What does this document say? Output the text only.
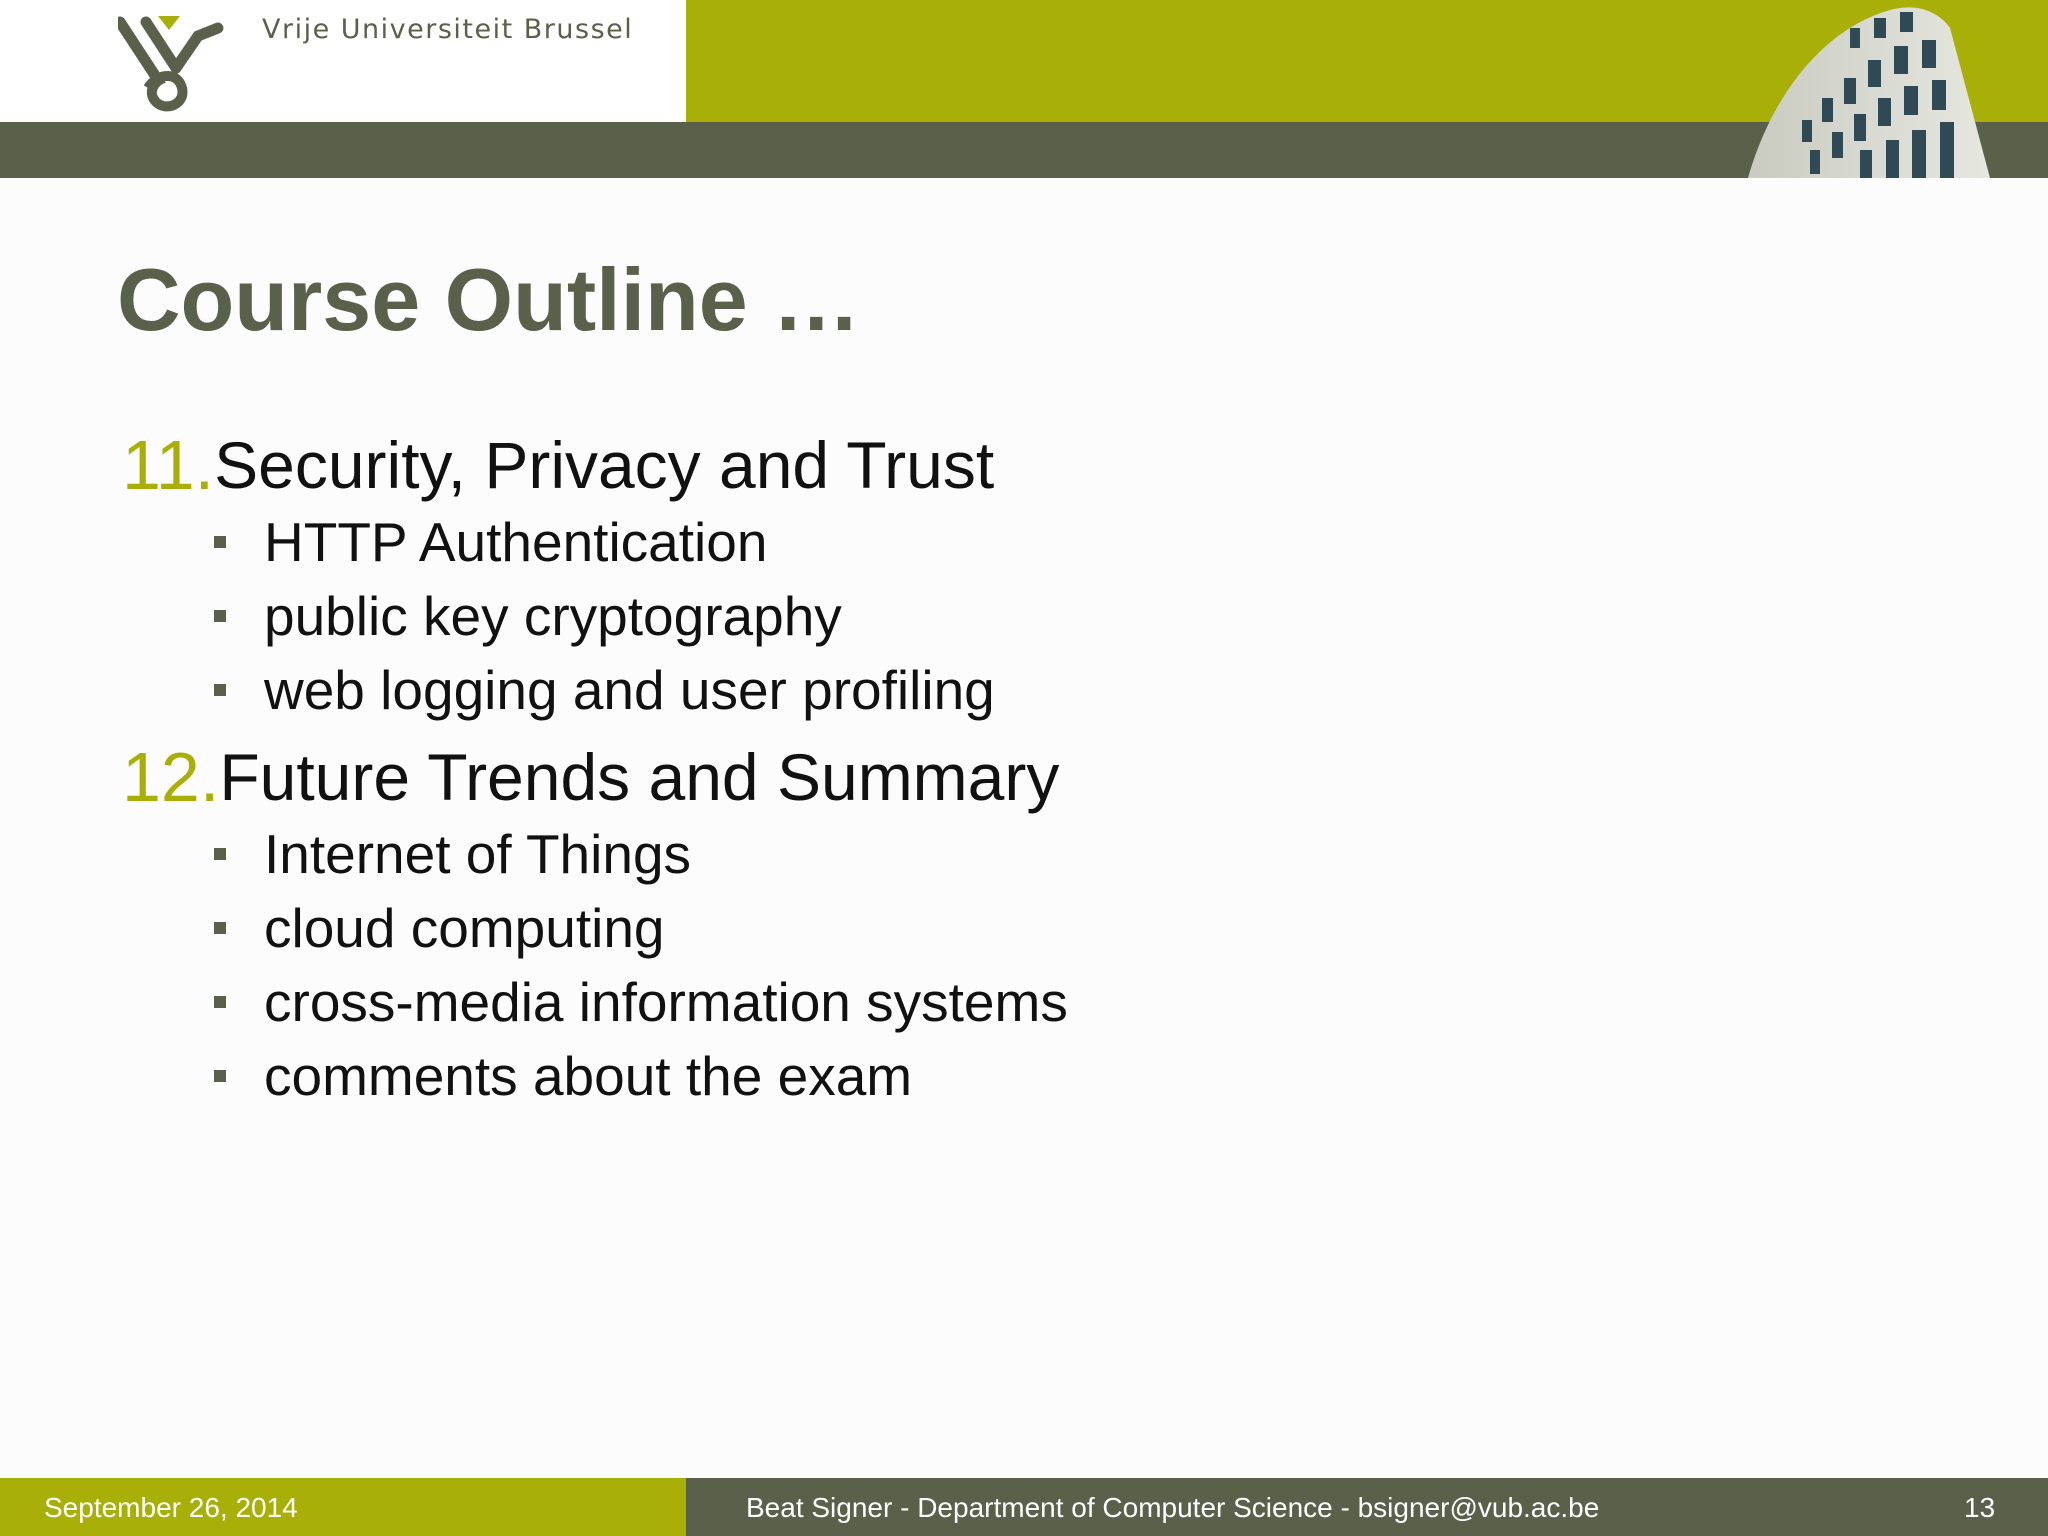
Vrije Universiteit Brussel
Course Outline …
11. Security, Privacy and Trust
HTTP Authentication
public key cryptography
web logging and user profiling
12. Future Trends and Summary
Internet of Things
cloud computing
cross-media information systems
comments about the exam
September 26, 2014	Beat Signer - Department of Computer Science - bsigner@vub.ac.be	13
